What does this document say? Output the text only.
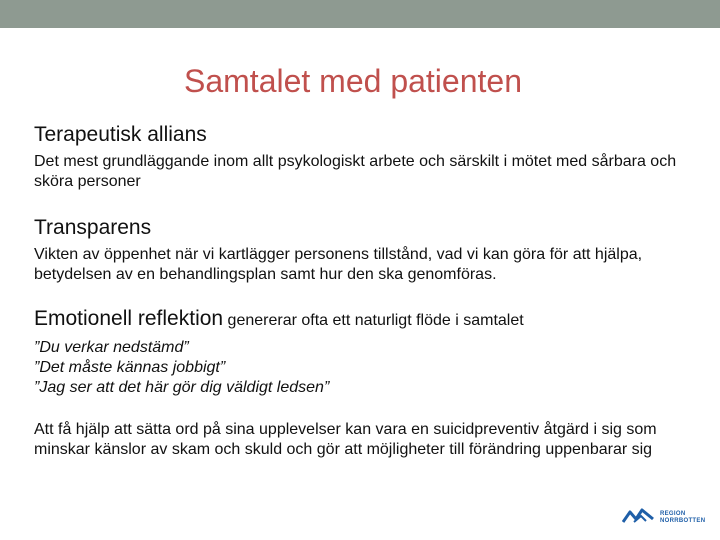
Samtalet med patienten

Terapeutisk allians

Det mest grundläggande inom allt psykologiskt arbete och särskilt i mötet med sårbara och sköra personer

Transparens

Vikten av öppenhet när vi kartlägger personens tillstånd, vad vi kan göra för att hjälpa, betydelsen av en behandlingsplan samt hur den ska genomföras.

Emotionell reflektion genererar ofta ett naturligt flöde i samtalet

”Du verkar nedstämd”

”Det måste kännas jobbigt”

”Jag ser att det här gör dig väldigt ledsen”

Att få hjälp att sätta ord på sina upplevelser kan vara en suicidpreventiv åtgärd i sig som minskar känslor av skam och skuld och gör att möjligheter till förändring uppenbarar sig

REGION
NORRBOTTEN
